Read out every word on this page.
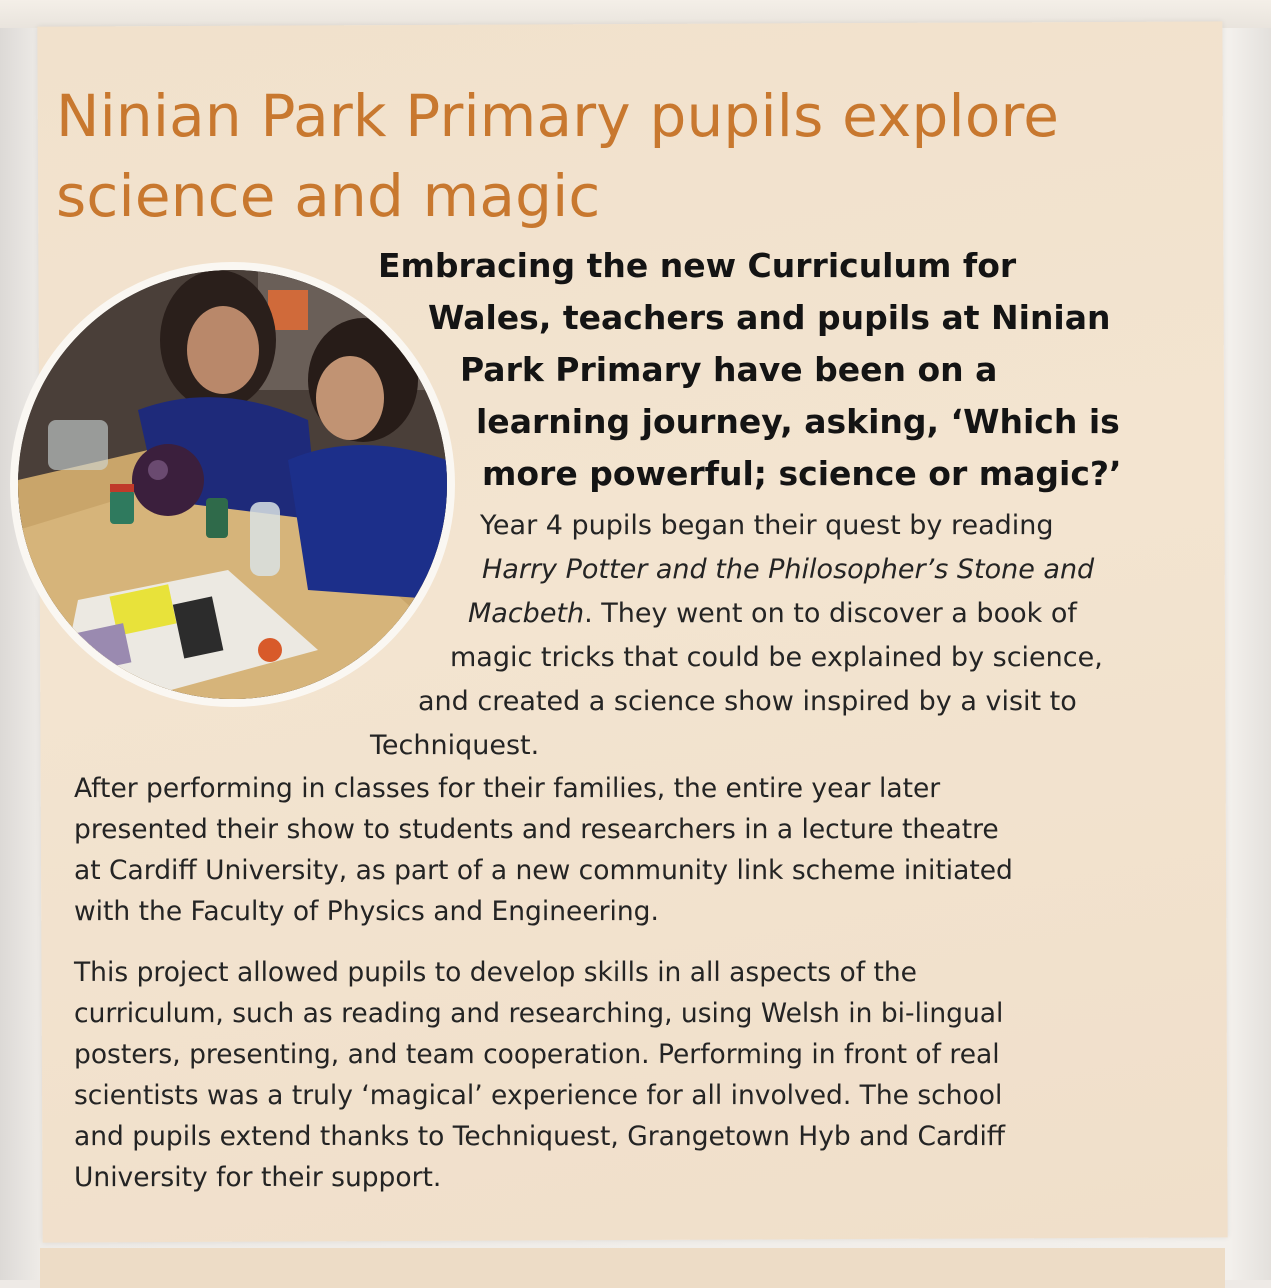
Ninian Park Primary pupils explore science and magic
Embracing the new Curriculum for
Wales, teachers and pupils at Ninian
Park Primary have been on a
learning journey, asking, ‘Which is
more powerful; science or magic?’
Year 4 pupils began their quest by reading
Harry Potter and the Philosopher’s Stone and
Macbeth. They went on to discover a book of
magic tricks that could be explained by science,
and created a science show inspired by a visit to
Techniquest.

After performing in classes for their families, the entire year later
presented their show to students and researchers in a lecture theatre
at Cardiff University, as part of a new community link scheme initiated
with the Faculty of Physics and Engineering.

This project allowed pupils to develop skills in all aspects of the
curriculum, such as reading and researching, using Welsh in bi-lingual
posters, presenting, and team cooperation. Performing in front of real
scientists was a truly ‘magical’ experience for all involved. The school
and pupils extend thanks to Techniquest, Grangetown Hyb and Cardiff
University for their support.
